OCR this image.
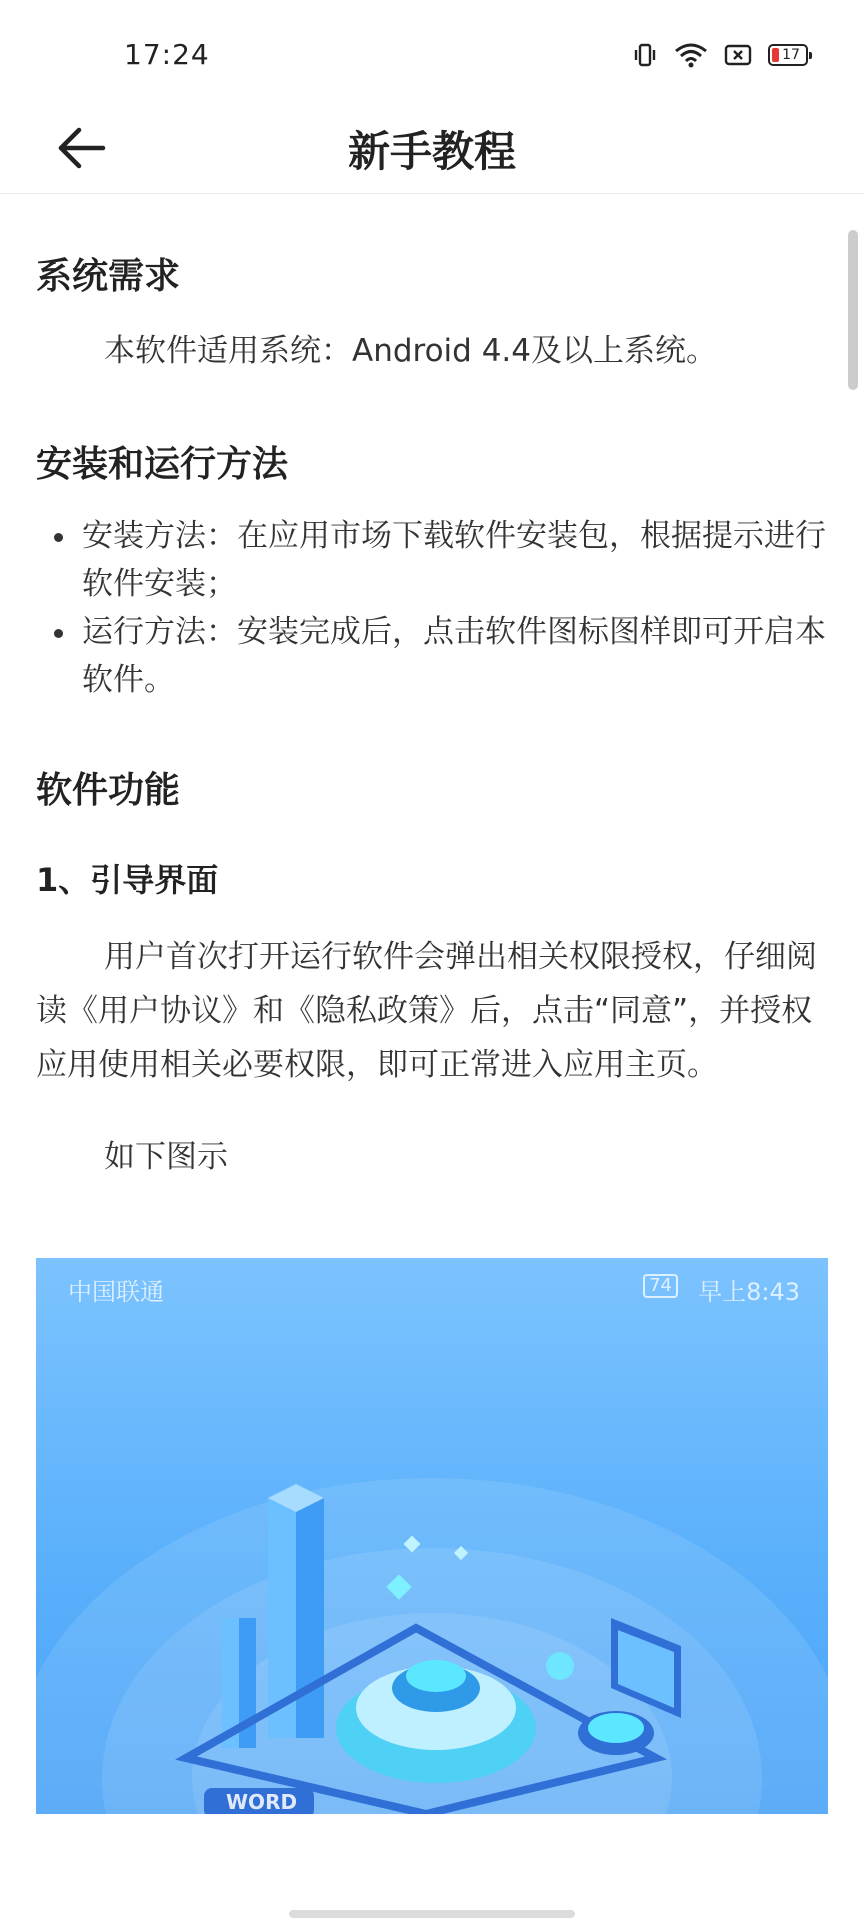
17:24	17
新手教程
系统需求

本软件适用系统：Android 4.4及以上系统。

安装和运行方法
安装方法：在应用市场下载软件安装包，根据提示进行软件安装；
运行方法：安装完成后，点击软件图标图样即可开启本软件。
软件功能
1、引导界面

用户首次打开运行软件会弹出相关权限授权，仔细阅读《用户协议》和《隐私政策》后，点击“同意”，并授权应用使用相关必要权限，即可正常进入应用主页。

如下图示

中国联通	74 早上8:43
WORD
